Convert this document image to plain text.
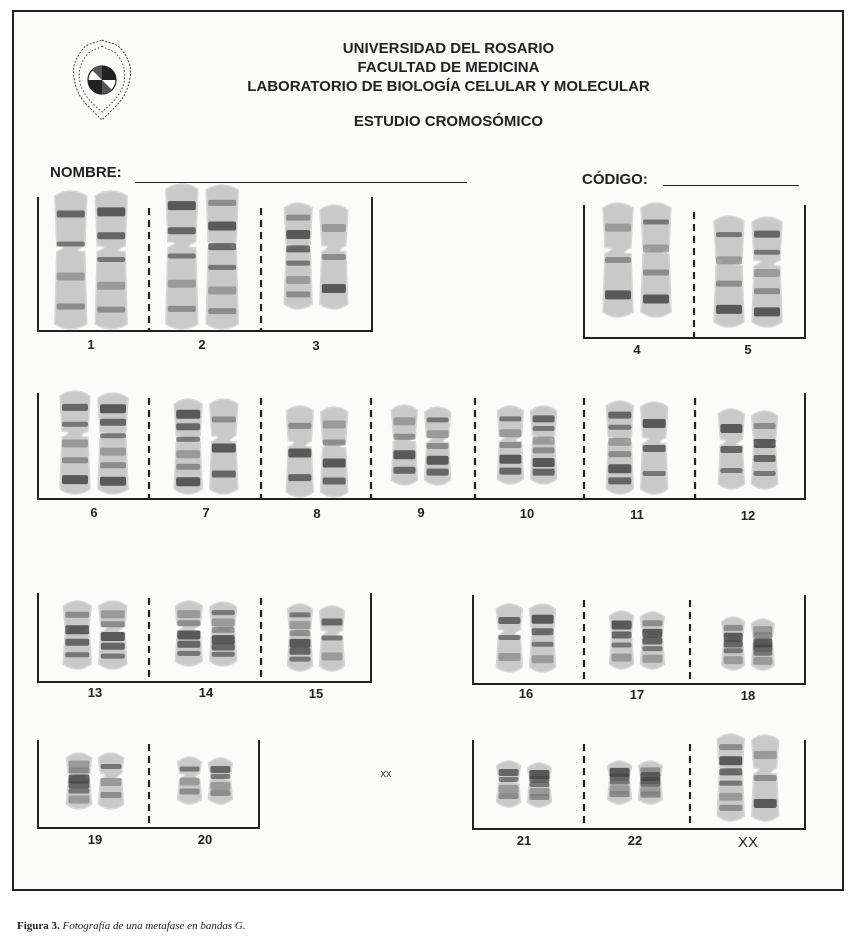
UNIVERSIDAD DEL ROSARIO
FACULTAD DE MEDICINA
LABORATORIO DE BIOLOGÍA CELULAR Y MOLECULAR
ESTUDIO CROMOSÓMICO
NOMBRE:	CÓDIGO:
1	2	3	4	5
6	7	8	9	10	11	12
13	14	15	16	17	18
19	20	21	22	XX
xx
Figura 3. Fotografía de una metafase en bandas G.
